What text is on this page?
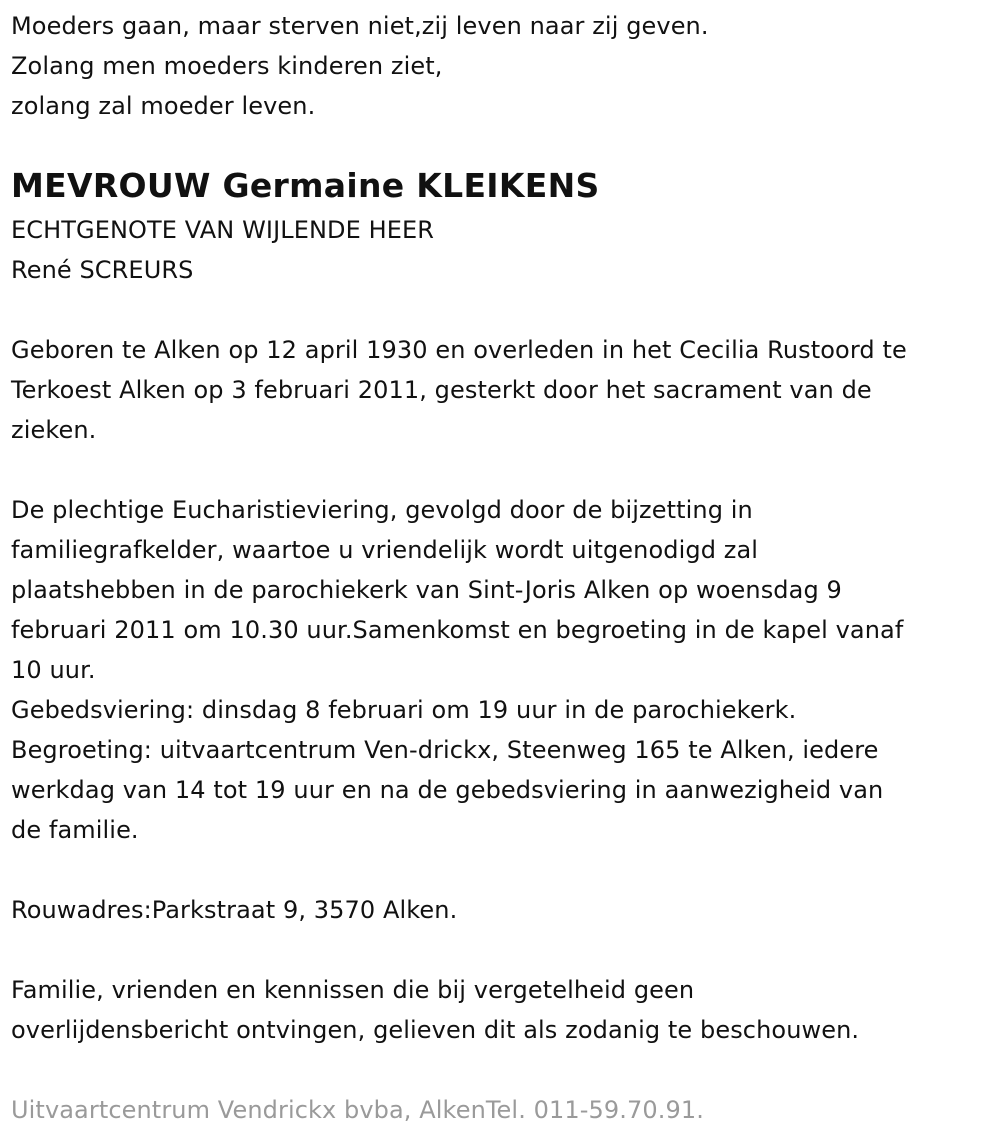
Moeders gaan, maar sterven niet,zij leven naar zij geven.
Zolang men moeders kinderen ziet,
zolang zal moeder leven.
MEVROUW Germaine KLEIKENS
ECHTGENOTE VAN WIJLENDE HEER
René SCREURS
Geboren te Alken op 12 april 1930 en overleden in het Cecilia Rustoord te
Terkoest Alken op 3 februari 2011, gesterkt door het sacrament van de
zieken.
De plechtige Eucharistieviering, gevolgd door de bijzetting in
familiegrafkelder, waartoe u vriendelijk wordt uitgenodigd zal
plaatshebben in de parochiekerk van Sint-Joris Alken op woensdag 9
februari 2011 om 10.30 uur.Samenkomst en begroeting in de kapel vanaf
10 uur.
Gebedsviering: dinsdag 8 februari om 19 uur in de parochiekerk.
Begroeting: uitvaartcentrum Ven-drickx, Steenweg 165 te Alken, iedere
werkdag van 14 tot 19 uur en na de gebedsviering in aanwezigheid van
de familie.
Rouwadres:Parkstraat 9, 3570 Alken.
Familie, vrienden en kennissen die bij vergetelheid geen
overlijdensbericht ontvingen, gelieven dit als zodanig te beschouwen.
Uitvaartcentrum Vendrickx bvba, AlkenTel. 011-59.70.91.
